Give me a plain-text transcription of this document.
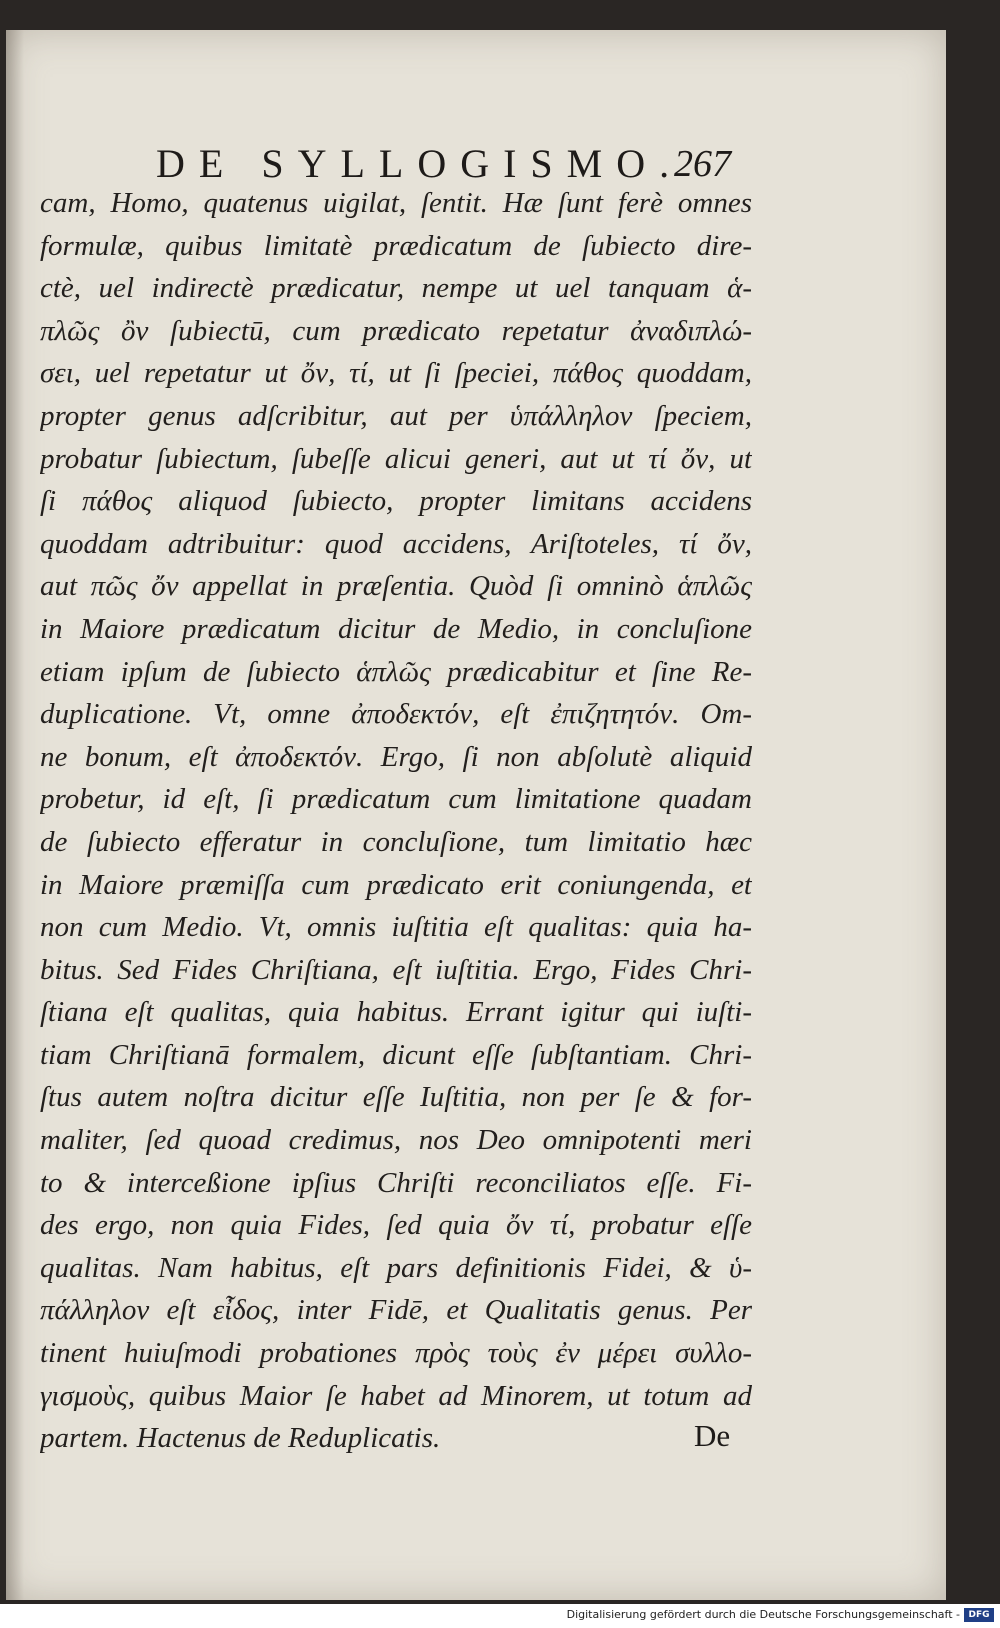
DE SYLLOGISMO.
267
cam, Homo, quatenus uigilat, ſentit. Hæ ſunt ferè omnes
formulæ, quibus limitatè prædicatum de ſubiecto dire-
ctè, uel indirectè prædicatur, nempe ut uel tanquam ἁ-
πλῶς ὂν ſubiectū, cum prædicato repetatur ἀναδιπλώ-
σει, uel repetatur ut ὄν, τί, ut ſi ſpeciei, πάθος quoddam,
propter genus adſcribitur, aut per ὑπάλληλον ſpeciem,
probatur ſubiectum, ſubeſſe alicui generi, aut ut τί ὄν, ut
ſi πάθος aliquod ſubiecto, propter limitans accidens
quoddam adtribuitur: quod accidens, Ariſtoteles, τί ὄν,
aut πῶς ὄν appellat in præſentia. Quòd ſi omninò ἁπλῶς
in Maiore prædicatum dicitur de Medio, in concluſione
etiam ipſum de ſubiecto ἁπλῶς prædicabitur et ſine Re-
duplicatione. Vt, omne ἀποδεκτόν, eſt ἐπιζητητόν. Om-
ne bonum, eſt ἀποδεκτόν. Ergo, ſi non abſolutè aliquid
probetur, id eſt, ſi prædicatum cum limitatione quadam
de ſubiecto efferatur in concluſione, tum limitatio hæc
in Maiore præmiſſa cum prædicato erit coniungenda, et
non cum Medio. Vt, omnis iuſtitia eſt qualitas: quia ha-
bitus. Sed Fides Chriſtiana, eſt iuſtitia. Ergo, Fides Chri-
ſtiana eſt qualitas, quia habitus. Errant igitur qui iuſti-
tiam Chriſtianā formalem, dicunt eſſe ſubſtantiam. Chri-
ſtus autem noſtra dicitur eſſe Iuſtitia, non per ſe & for-
maliter, ſed quoad credimus, nos Deo omnipotenti meri
to & interceßione ipſius Chriſti reconciliatos eſſe. Fi-
des ergo, non quia Fides, ſed quia ὄν τί, probatur eſſe
qualitas. Nam habitus, eſt pars definitionis Fidei, & ὑ-
πάλληλον eſt εἶδος, inter Fidē, et Qualitatis genus. Per
tinent huiuſmodi probationes πρὸς τοὺς ἐν μέρει συλλο-
γισμοὺς, quibus Maior ſe habet ad Minorem, ut totum ad
partem. Hactenus de Reduplicatis.	De
Digitalisierung gefördert durch die Deutsche Forschungsgemeinschaft - DFG
